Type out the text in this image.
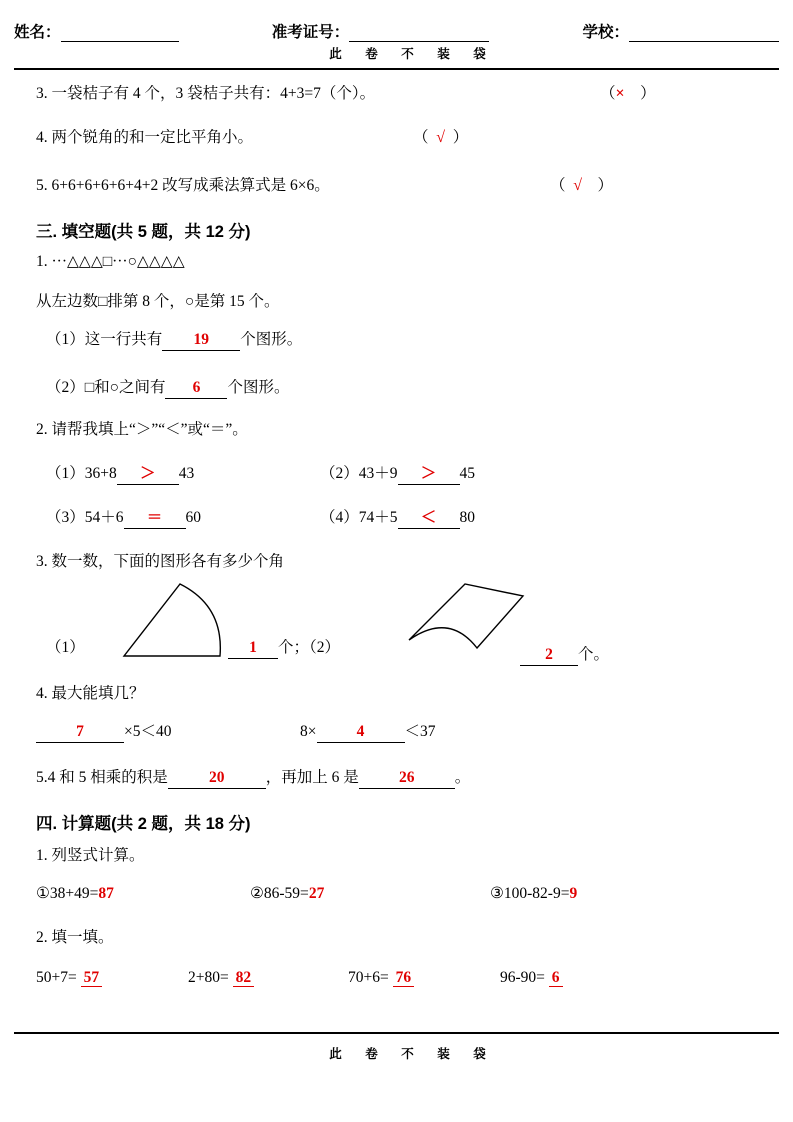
姓名：	准考证号：	学校：
此 卷 不 装 袋
3. 一袋桔子有 4 个，3 袋桔子共有：4+3=7（个）。	（×    ）
4. 两个锐角的和一定比平角小。	（  √  ）
5. 6+6+6+6+6+4+2 改写成乘法算式是 6×6。	（  √    ）
三. 填空题(共 5 题，共 12 分)
1. ···△△△□···○△△△△
从左边数□排第 8 个，○是第 15 个。
（1）这一行共有 19 个图形。
（2）□和○之间有 6 个图形。
2. 请帮我填上“＞”“＜”或“＝”。
（1）36+8 ＞ 43	（2）43＋9 ＞ 45
（3）54＋6 ＝ 60	（4）74＋5 ＜ 80
3. 数一数，下面的图形各有多少个角
（1）	1 个；（2）	2 个。
4. 最大能填几？
7	×5＜40	8×	4	＜37
5.4 和 5 相乘的积是	20	，再加上 6 是	26	。
四. 计算题(共 2 题，共 18 分)
1. 列竖式计算。
①38+49=87	②86-59=27	③100-82-9=9
2. 填一填。
50+7= 57	2+80= 82	70+6= 76	96-90= 6
此 卷 不 装 袋
